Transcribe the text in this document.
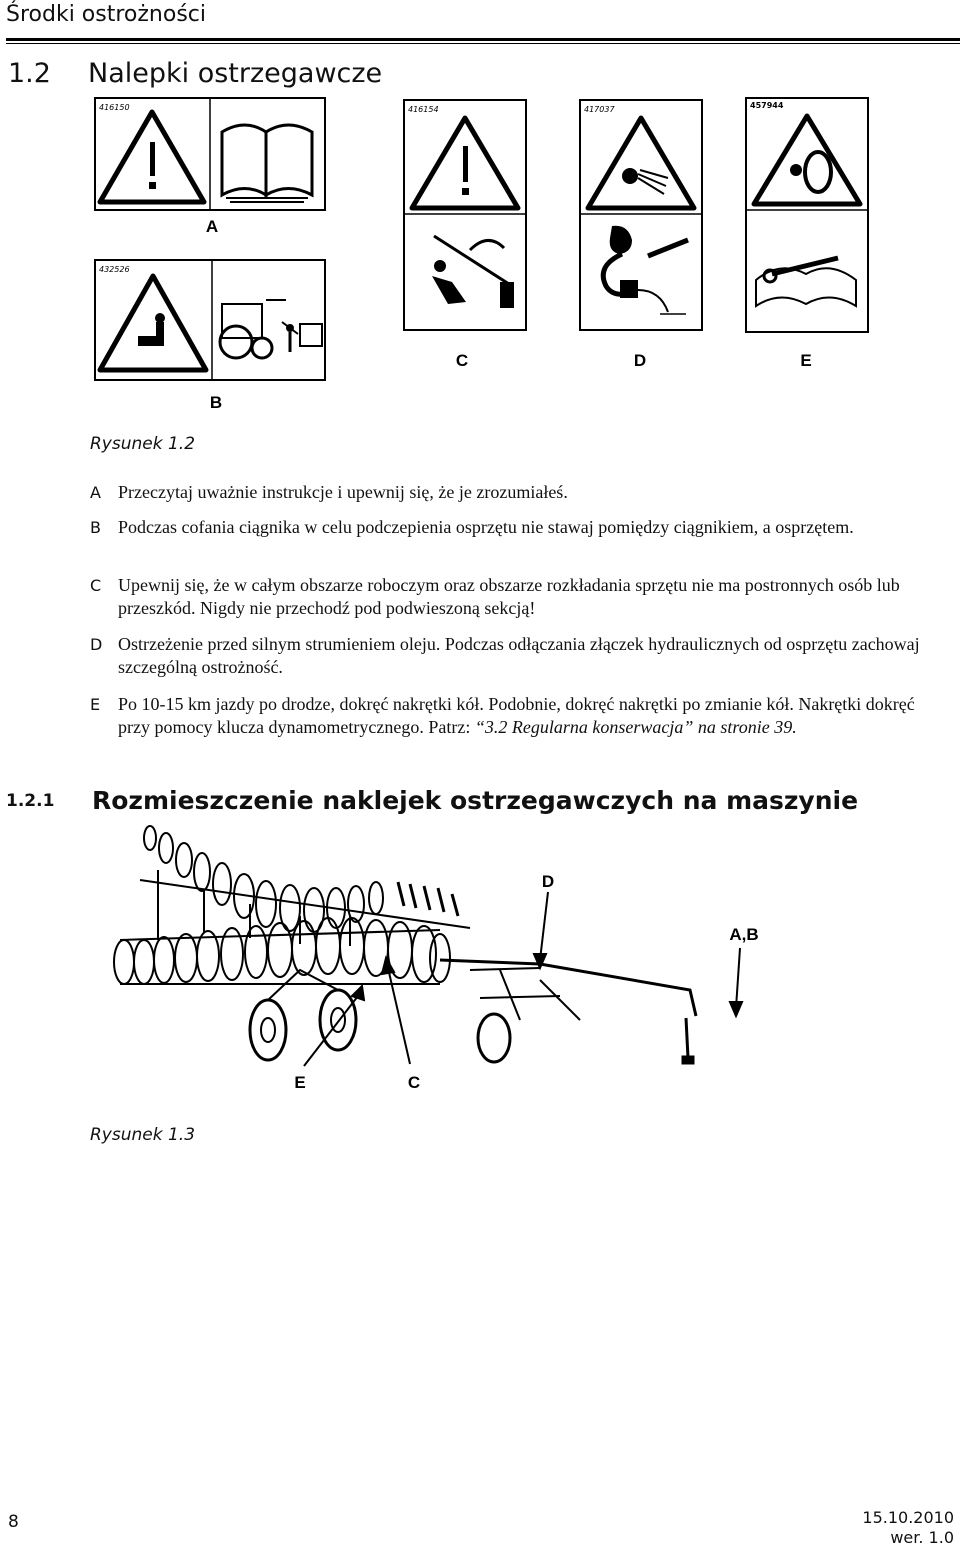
Środki ostrożności
1.2 Nalepki ostrzegawcze
416150
A
432526
B
416154
C
417037
D
457944
E
Rysunek 1.2
A Przeczytaj uważnie instrukcje i upewnij się, że je zrozumiałeś.
B Podczas cofania ciągnika w celu podczepienia osprzętu nie stawaj pomiędzy ciągnikiem, a osprzętem.
C Upewnij się, że w całym obszarze roboczym oraz obszarze rozkładania sprzętu nie ma postronnych osób lub przeszkód. Nigdy nie przechodź pod podwieszoną sekcją!
D Ostrzeżenie przed silnym strumieniem oleju. Podczas odłączania złączek hydraulicznych od osprzętu zachowaj szczególną ostrożność.
E Po 10-15 km jazdy po drodze, dokręć nakrętki kół. Podobnie, dokręć nakrętki po zmianie kół. Nakrętki dokręć przy pomocy klucza dynamometrycznego. Patrz: “3.2 Regularna konserwacja” na stronie 39.
1.2.1 Rozmieszczenie naklejek ostrzegawczych na maszynie
D
A,B
E	C
Rysunek 1.3
8	15.10.2010
wer. 1.0
